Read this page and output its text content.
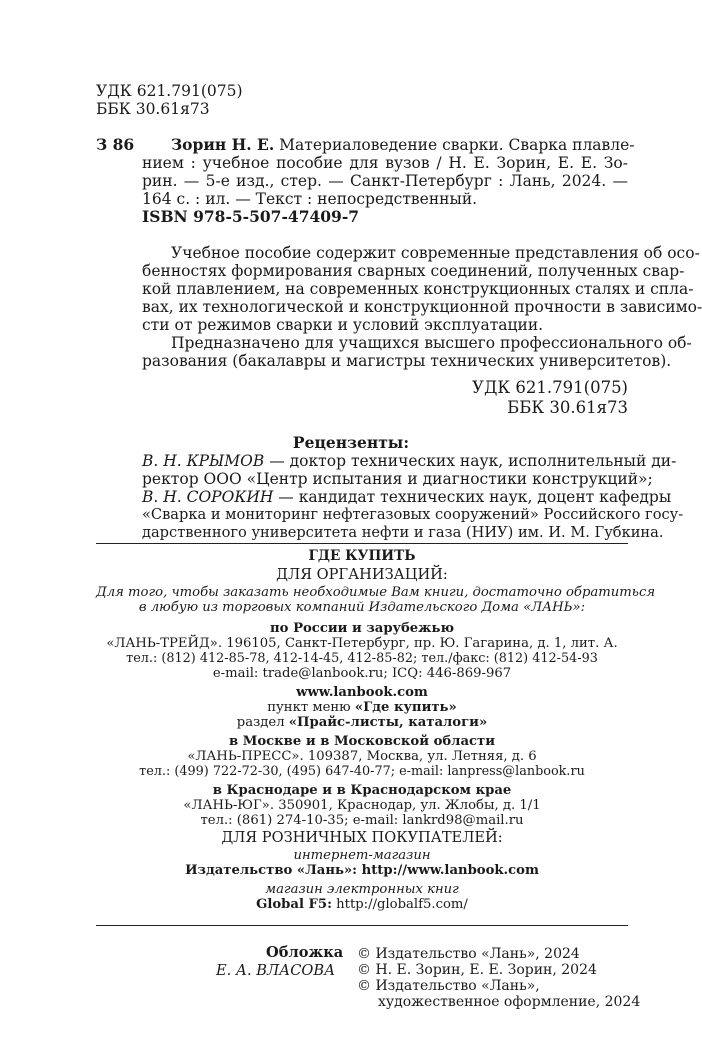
УДК 621.791(075)
ББК 30.61я73
З 86 Зорин Н. Е. Материаловедение сварки. Сварка плавле-
нием : учебное пособие для вузов / Н. Е. Зорин, Е. Е. Зо-
рин. — 5-е изд., стер. — Санкт-Петербург : Лань, 2024. —
164 с. : ил. — Текст : непосредственный.
ISBN 978-5-507-47409-7
Учебное пособие содержит современные представления об осо-
бенностях формирования сварных соединений, полученных свар-
кой плавлением, на современных конструкционных сталях и спла-
вах, их технологической и конструкционной прочности в зависимо-
сти от режимов сварки и условий эксплуатации.
Предназначено для учащихся высшего профессионального об-
разования (бакалавры и магистры технических университетов).
УДК 621.791(075)
ББК 30.61я73
Рецензенты:
В. Н. КРЫМОВ — доктор технических наук, исполнительный ди-
ректор ООО «Центр испытания и диагностики конструкций»;
В. Н. СОРОКИН — кандидат технических наук, доцент кафедры
«Сварка и мониторинг нефтегазовых сооружений» Российского госу-
дарственного университета нефти и газа (НИУ) им. И. М. Губкина.
ГДЕ КУПИТЬ
ДЛЯ ОРГАНИЗАЦИЙ:
Для того, чтобы заказать необходимые Вам книги, достаточно обратиться
в любую из торговых компаний Издательского Дома «ЛАНЬ»:
по России и зарубежью
«ЛАНЬ-ТРЕЙД». 196105, Санкт-Петербург, пр. Ю. Гагарина, д. 1, лит. А.
тел.: (812) 412-85-78, 412-14-45, 412-85-82; тел./факс: (812) 412-54-93
e-mail: trade@lanbook.ru; ICQ: 446-869-967
www.lanbook.com
пункт меню «Где купить»
раздел «Прайс-листы, каталоги»
в Москве и в Московской области
«ЛАНЬ-ПРЕСС». 109387, Москва, ул. Летняя, д. 6
тел.: (499) 722-72-30, (495) 647-40-77; e-mail: lanpress@lanbook.ru
в Краснодаре и в Краснодарском крае
«ЛАНЬ-ЮГ». 350901, Краснодар, ул. Жлобы, д. 1/1
тел.: (861) 274-10-35; e-mail: lankrd98@mail.ru
ДЛЯ РОЗНИЧНЫХ ПОКУПАТЕЛЕЙ:
интернет-магазин
Издательство «Лань»: http://www.lanbook.com
магазин электронных книг
Global F5: http://globalf5.com/
Обложка
Е. А. ВЛАСОВА
© Издательство «Лань», 2024
© Н. Е. Зорин, Е. Е. Зорин, 2024
© Издательство «Лань»,
художественное оформление, 2024
